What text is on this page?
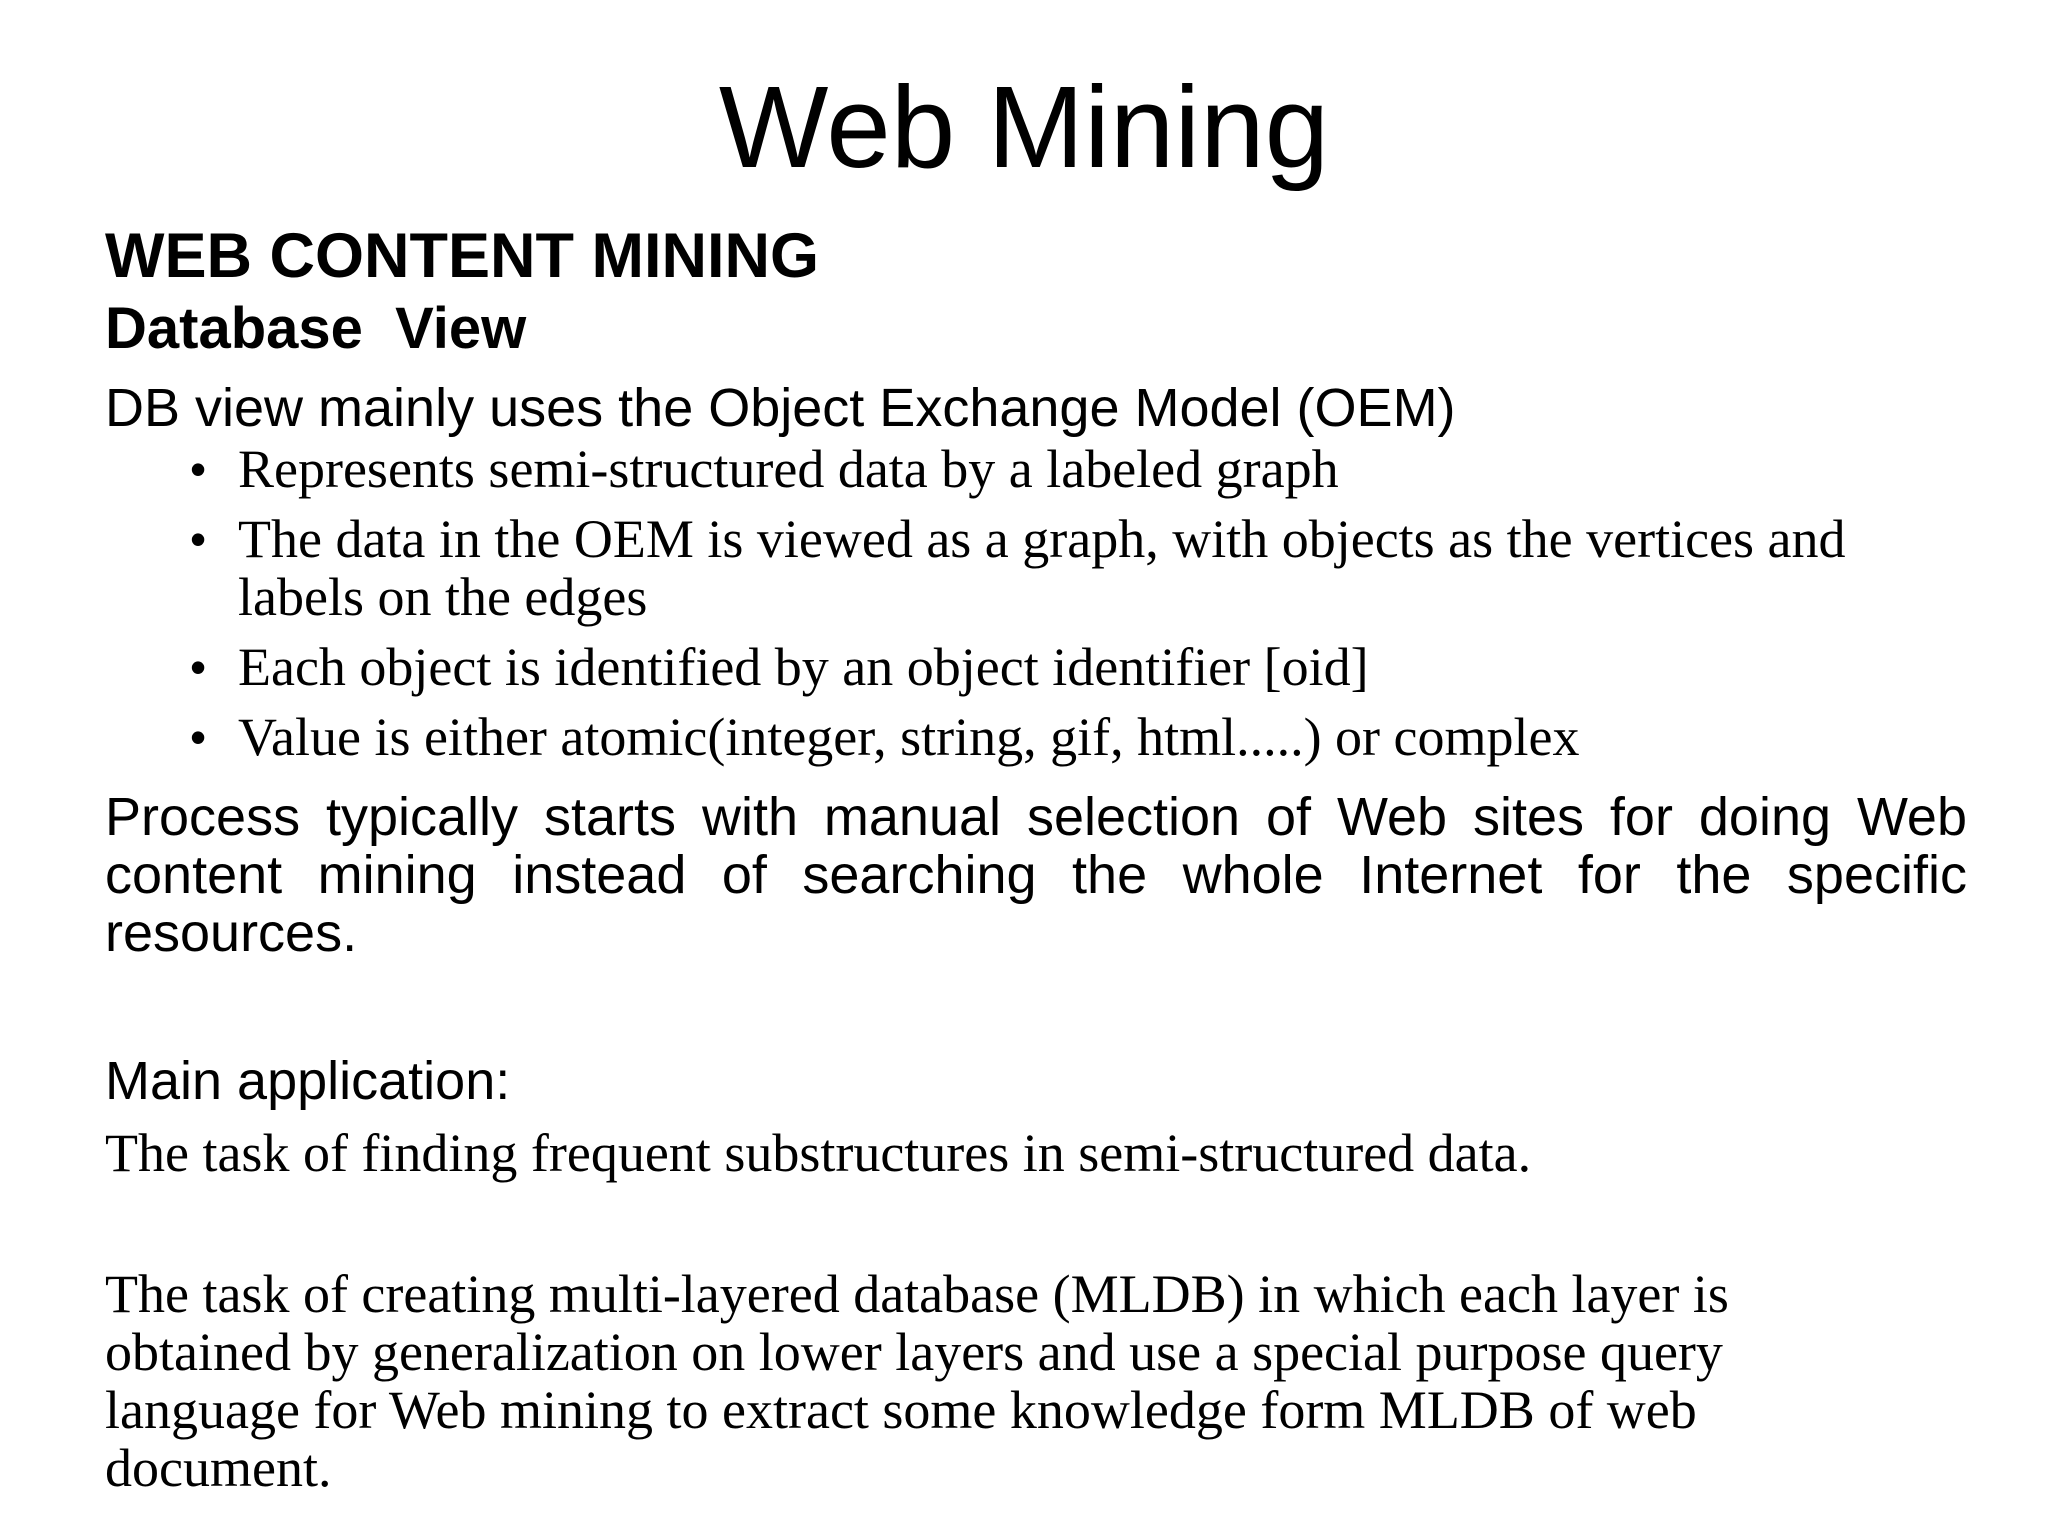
Web Mining
WEB CONTENT MINING
Database  View
DB view mainly uses the Object Exchange Model (OEM)
• Represents semi-structured data by a labeled graph
• The data in the OEM is viewed as a graph, with objects as the vertices and labels on the edges
• Each object is identified by an object identifier [oid]
• Value is either atomic(integer, string, gif, html.....) or complex

Process typically starts with manual selection of Web sites for doing Web content mining instead of searching the whole Internet for the specific resources.

Main application:
The task of finding frequent substructures in semi-structured data.

The task of creating multi-layered database (MLDB) in which each layer is
obtained by generalization on lower layers and use a special purpose query
language for Web mining to extract some knowledge form MLDB of web
document.
